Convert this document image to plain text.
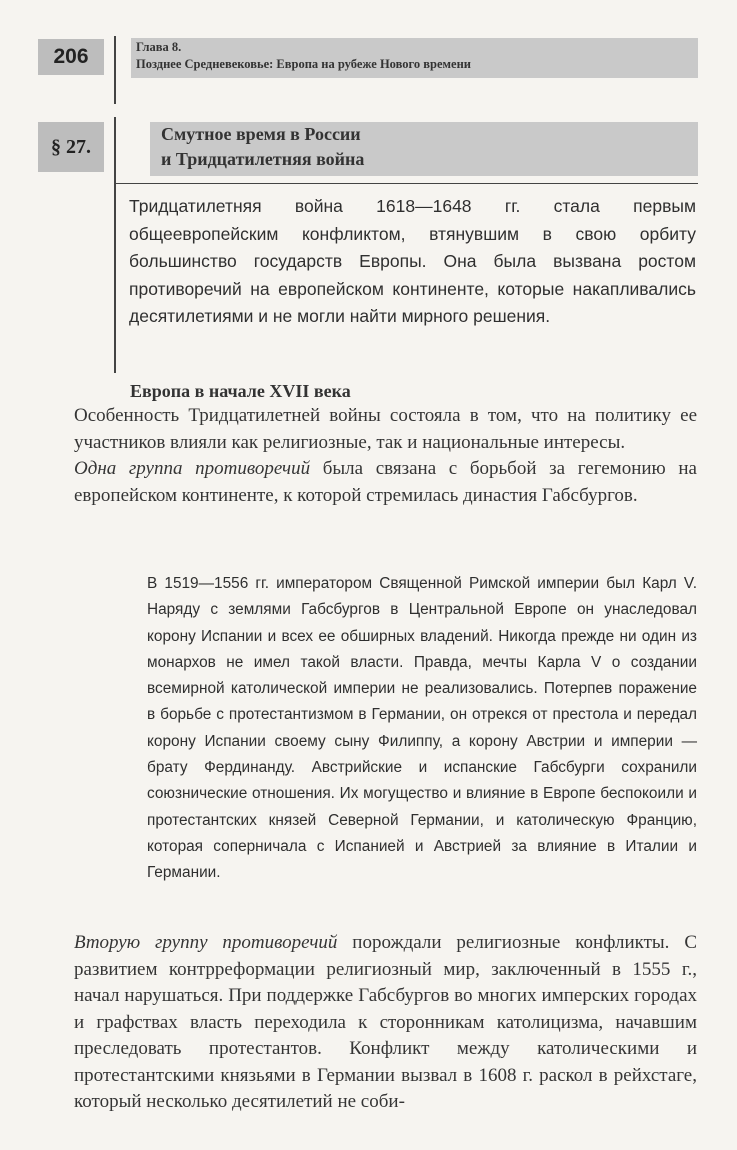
206	Глава 8.
Позднее Средневековье: Европа на рубеже Нового времени
§ 27.
Смутное время в России
и Тридцатилетняя война
Тридцатилетняя война 1618—1648 гг. стала первым общеевропейским конфликтом, втянувшим в свою орбиту большинство государств Европы. Она была вызвана ростом противоречий на европейском континенте, которые накапливались десятилетиями и не могли найти мирного решения.
Европа в начале XVII века

Особенность Тридцатилетней войны состояла в том, что на политику ее участников влияли как религиозные, так и национальные интересы.

Одна группа противоречий была связана с борьбой за гегемонию на европейском континенте, к которой стремилась династия Габсбургов.

В 1519—1556 гг. императором Священной Римской империи был Карл V. Наряду с землями Габсбургов в Центральной Европе он унаследовал корону Испании и всех ее обширных владений. Никогда прежде ни один из монархов не имел такой власти. Правда, мечты Карла V о создании всемирной католической империи не реализовались. Потерпев поражение в борьбе с протестантизмом в Германии, он отрекся от престола и передал корону Испании своему сыну Филиппу, а корону Австрии и империи — брату Фердинанду. Австрийские и испанские Габсбурги сохранили союзнические отношения. Их могущество и влияние в Европе беспокоили и протестантских князей Северной Германии, и католическую Францию, которая соперничала с Испанией и Австрией за влияние в Италии и Германии.

Вторую группу противоречий порождали религиозные конфликты. С развитием контрреформации религиозный мир, заключенный в 1555 г., начал нарушаться. При поддержке Габсбургов во многих имперских городах и графствах власть переходила к сторонникам католицизма, начавшим преследовать протестантов. Конфликт между католическими и протестантскими князьями в Германии вызвал в 1608 г. раскол в рейхстаге, который несколько десятилетий не соби-
